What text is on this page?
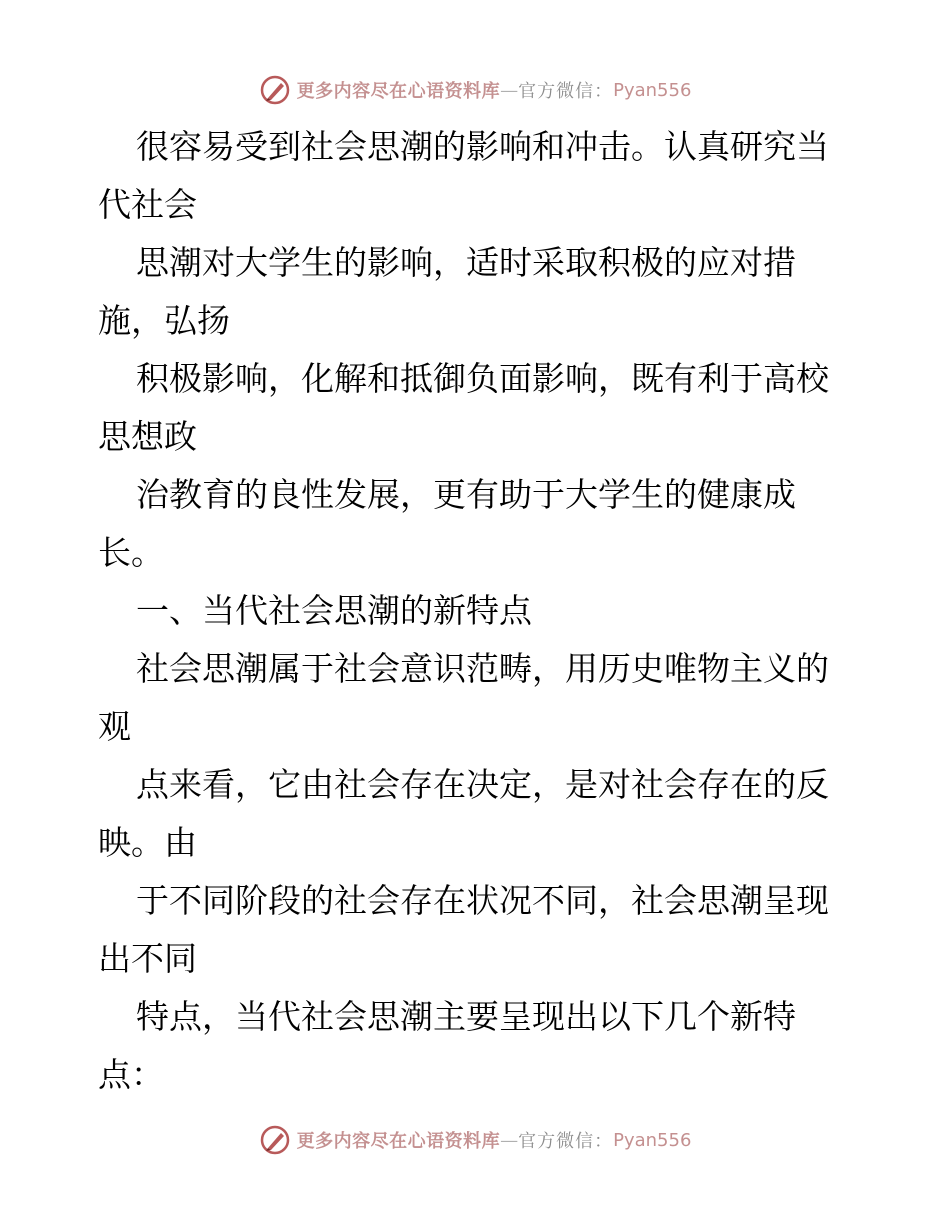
更多内容尽在心语资料库 — 官方微信： Pyan556

很容易受到社会思潮的影响和冲击。认真研究当
代社会

思潮对大学生的影响，适时采取积极的应对措
施，弘扬

积极影响，化解和抵御负面影响，既有利于高校
思想政

治教育的良性发展，更有助于大学生的健康成
长。

一、当代社会思潮的新特点

社会思潮属于社会意识范畴，用历史唯物主义的
观

点来看，它由社会存在决定，是对社会存在的反
映。由

于不同阶段的社会存在状况不同，社会思潮呈现
出不同

特点，当代社会思潮主要呈现出以下几个新特
点：

更多内容尽在心语资料库 — 官方微信： Pyan556
